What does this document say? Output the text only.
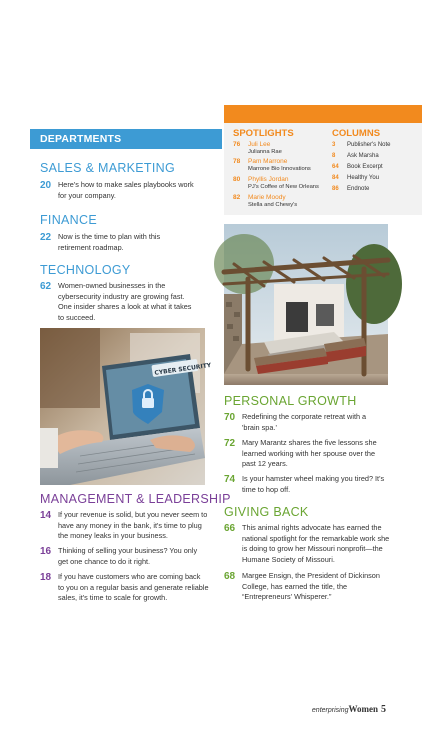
DEPARTMENTS
SALES & MARKETING
20 Here's how to make sales playbooks work
for your company.
FINANCE
22 Now is the time to plan with this
retirement roadmap.
TECHNOLOGY
62 Women-owned businesses in the
cybersecurity industry are growing fast.
One insider shares a look at what it takes
to succeed.
CYBER SECURITY
MANAGEMENT & LEADERSHIP
14 If your revenue is solid, but you never seem to
have any money in the bank, it's time to plug
the money leaks in your business.
16 Thinking of selling your business? You only
get one chance to do it right.
18 If you have customers who are coming back
to you on a regular basis and generate reliable
sales, it's time to scale for growth.
SPOTLIGHTS	COLUMNS
76	Juli Lee
Julianna Rae
78	Pam Marrone
Marrone Bio Innovations
80	Phyllis Jordan
PJ's Coffee of New Orleans
82	Marie Moody
Stella and Chewy's
3	Publisher's Note
8	Ask Marsha
64	Book Excerpt
84	Healthy You
86	Endnote
PERSONAL GROWTH
70 Redefining the corporate retreat with a
'brain spa.'
72 Mary Marantz shares the five lessons she
learned working with her spouse over the
past 12 years.
74 Is your hamster wheel making you tired? It's
time to hop off.
GIVING BACK
66 This animal rights advocate has earned the
national spotlight for the remarkable work she
is doing to grow her Missouri nonprofit—the
Humane Society of Missouri.
68 Margee Ensign, the President of Dickinson
College, has earned the title, the
“Entrepreneurs' Whisperer.”
enterprisingWomen 5
